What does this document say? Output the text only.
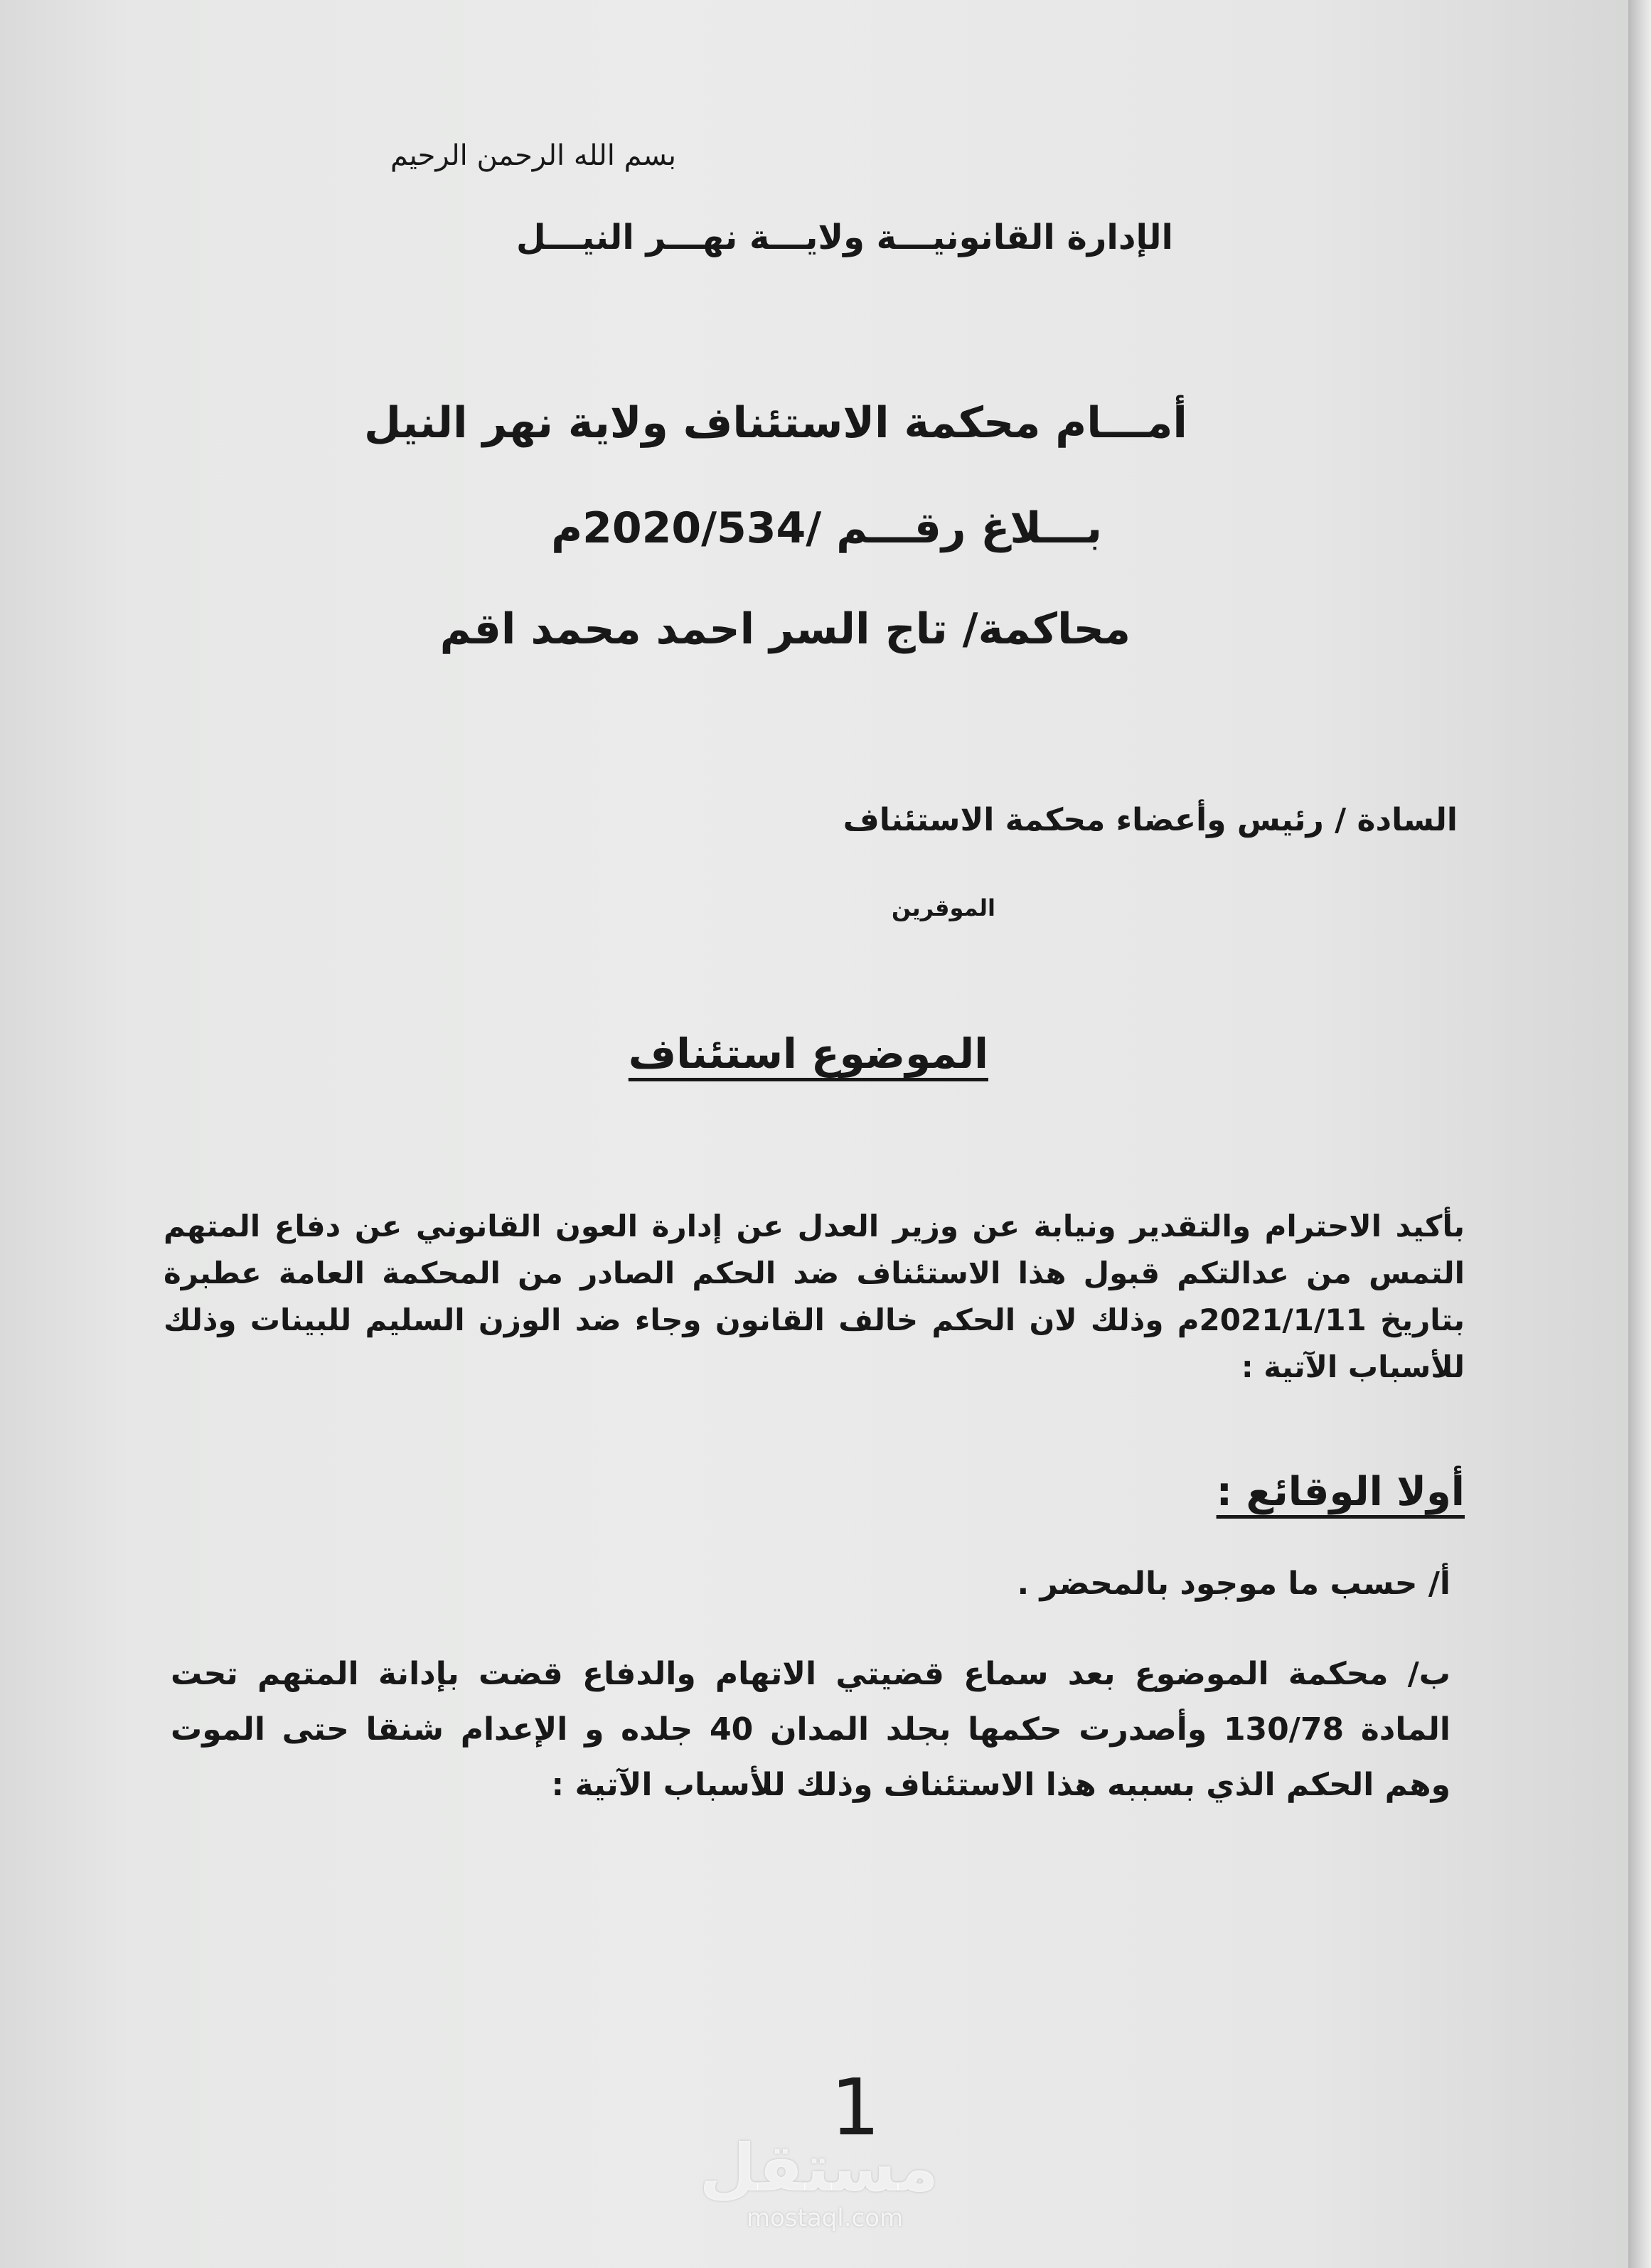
بسم الله الرحمن الرحيم

الإدارة القانونيـــة ولايـــة نهـــر النيـــل

أمـــام محكمة الاستئناف ولاية نهر النيل

بـــلاغ رقـــم /2020/534م

محاكمة/ تاج السر احمد محمد اقم

السادة / رئيس وأعضاء محكمة الاستئناف

الموقرين

الموضوع استئناف

بأكيد الاحترام والتقدير ونيابة عن وزير العدل عن إدارة العون القانوني عن دفاع المتهم التمس من عدالتكم قبول هذا الاستئناف ضد الحكم الصادر من المحكمة العامة عطبرة بتاريخ 2021/1/11م وذلك لان الحكم خالف القانون وجاء ضد الوزن السليم للبينات وذلك للأسباب الآتية :

أولا الوقائع :

أ/ حسب ما موجود بالمحضر .

ب/ محكمة الموضوع بعد سماع قضيتي الاتهام والدفاع قضت بإدانة المتهم تحت المادة 130/78 وأصدرت حكمها بجلد المدان 40 جلده و الإعدام شنقا حتى الموت وهم الحكم الذي بسببه هذا الاستئناف وذلك للأسباب الآتية :

1
مستقل
mostaql.com
